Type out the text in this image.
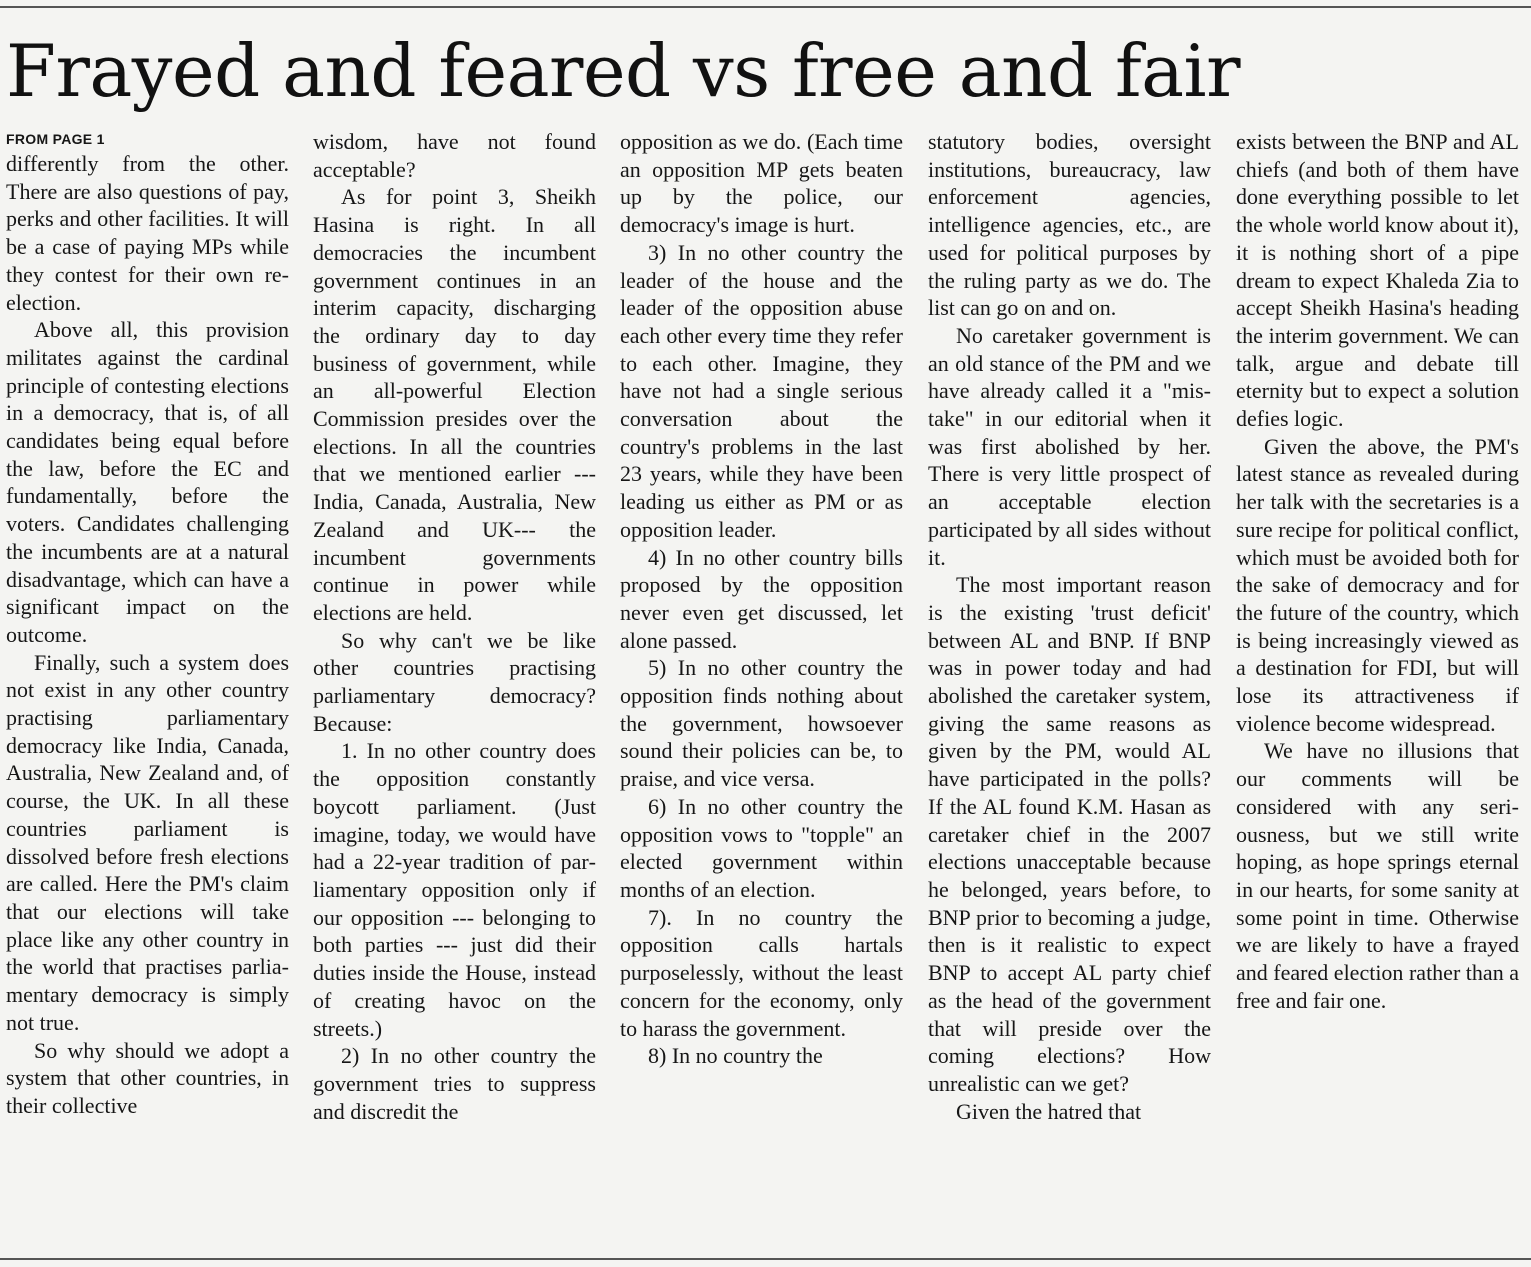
Frayed and feared vs free and fair
FROM PAGE 1

differently from the other. There are also questions of pay, perks and other facilities. It will be a case of paying MPs while they contest for their own reelection.

Above all, this provision militates against the cardinal principle of contesting elections in a democracy, that is, of all candidates being equal before the law, before the EC and fundamentally, before the voters. Candidates challenging the incumbents are at a natural disadvantage, which can have a significant impact on the outcome.

Finally, such a system does not exist in any other country practising parliamentary democracy like India, Canada, Australia, New Zealand and, of course, the UK. In all these countries parliament is dissolved before fresh elections are called. Here the PM's claim that our elections will take place like any other country in the world that practises parliamentary democracy is simply not true.

So why should we adopt a system that other countries, in their collective

wisdom, have not found acceptable?

As for point 3, Sheikh Hasina is right. In all democracies the incumbent government continues in an interim capacity, discharging the ordinary day to day business of government, while an all-powerful Election Commission presides over the elections. In all the countries that we mentioned earlier --- India, Canada, Australia, New Zealand and UK--- the incumbent governments continue in power while elections are held.

So why can't we be like other countries practising parliamentary democracy? Because:

1. In no other country does the opposition constantly boycott parliament. (Just imagine, today, we would have had a 22-year tradition of parliamentary opposition only if our opposition --- belonging to both parties --- just did their duties inside the House, instead of creating havoc on the streets.)

2) In no other country the government tries to suppress and discredit the

opposition as we do. (Each time an opposition MP gets beaten up by the police, our democracy's image is hurt.

3) In no other country the leader of the house and the leader of the opposition abuse each other every time they refer to each other. Imagine, they have not had a single serious conversation about the country's problems in the last 23 years, while they have been leading us either as PM or as opposition leader.

4) In no other country bills proposed by the opposition never even get discussed, let alone passed.

5) In no other country the opposition finds nothing about the government, howsoever sound their policies can be, to praise, and vice versa.

6) In no other country the opposition vows to "topple" an elected government within months of an election.

7). In no country the opposition calls hartals purposelessly, without the least concern for the economy, only to harass the government.

8) In no country the

statutory bodies, oversight institutions, bureaucracy, law enforcement agencies, intelligence agencies, etc., are used for political purposes by the ruling party as we do. The list can go on and on.

No caretaker government is an old stance of the PM and we have already called it a "mistake" in our editorial when it was first abolished by her. There is very little prospect of an acceptable election participated by all sides without it.

The most important reason is the existing 'trust deficit' between AL and BNP. If BNP was in power today and had abolished the caretaker system, giving the same reasons as given by the PM, would AL have participated in the polls? If the AL found K.M. Hasan as caretaker chief in the 2007 elections unacceptable because he belonged, years before, to BNP prior to becoming a judge, then is it realistic to expect BNP to accept AL party chief as the head of the government that will preside over the coming elections? How unrealistic can we get?

Given the hatred that

exists between the BNP and AL chiefs (and both of them have done everything possible to let the whole world know about it), it is nothing short of a pipe dream to expect Khaleda Zia to accept Sheikh Hasina's heading the interim government. We can talk, argue and debate till eternity but to expect a solution defies logic.

Given the above, the PM's latest stance as revealed during her talk with the secretaries is a sure recipe for political conflict, which must be avoided both for the sake of democracy and for the future of the country, which is being increasingly viewed as a destination for FDI, but will lose its attractiveness if violence become widespread.

We have no illusions that our comments will be considered with any seriousness, but we still write hoping, as hope springs eternal in our hearts, for some sanity at some point in time. Otherwise we are likely to have a frayed and feared election rather than a free and fair one.
